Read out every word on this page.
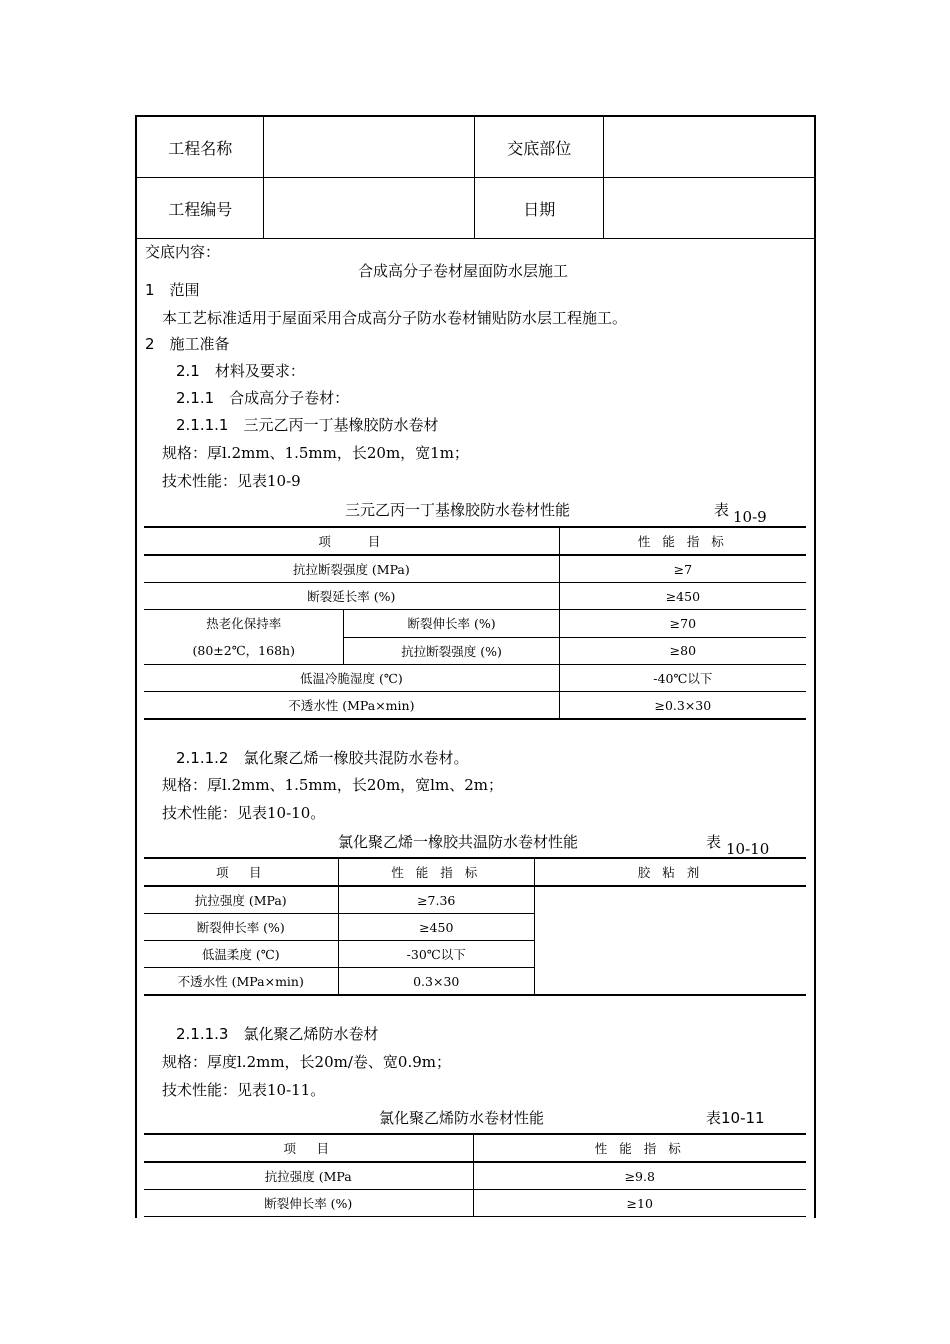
工程名称		交底部位	
工程编号		日期	
交底内容：
合成高分子卷材屋面防水层施工
1　范围
本工艺标准适用于屋面采用合成高分子防水卷材铺贴防水层工程施工。
2　施工准备
2.1　材料及要求：
2.1.1　合成高分子卷材：
2.1.1.1　三元乙丙一丁基橡胶防水卷材
规格：厚l.2mm、1.5mm，长20m，宽1m；
技术性能：见表10-9
三元乙丙一丁基橡胶防水卷材性能	表 10-9
项　　目		性 能 指 标
抗拉断裂强度 (MPa)		≥7
断裂延长率 (%)		≥450

热老化保持率
(80±2℃，168h)	断裂伸长率 (%)	≥70
	抗拉断裂强度 (%)	≥80
低温冷脆湿度 (℃)		-40℃以下
不透水性 (MPa×min)		≥0.3×30
2.1.1.2　氯化聚乙烯一橡胶共混防水卷材。
规格：厚l.2mm、1.5mm，长20m，宽lm、2m；
技术性能：见表10-10。
氯化聚乙烯一橡胶共温防水卷材性能	表 10-10
项　目	性 能 指 标	胶 粘 剂
抗拉强度 (MPa)	≥7.36	
断裂伸长率 (%)	≥450	
低温柔度 (℃)	-30℃以下	
不透水性 (MPa×min)	0.3×30	
2.1.1.3　氯化聚乙烯防水卷材
规格：厚度l.2mm，长20m/卷、宽0.9m；
技术性能：见表10-11。
氯化聚乙烯防水卷材性能	表10-11
项　目	性 能 指 标
抗拉强度 (MPa	≥9.8
断裂伸长率 (%)	≥10
